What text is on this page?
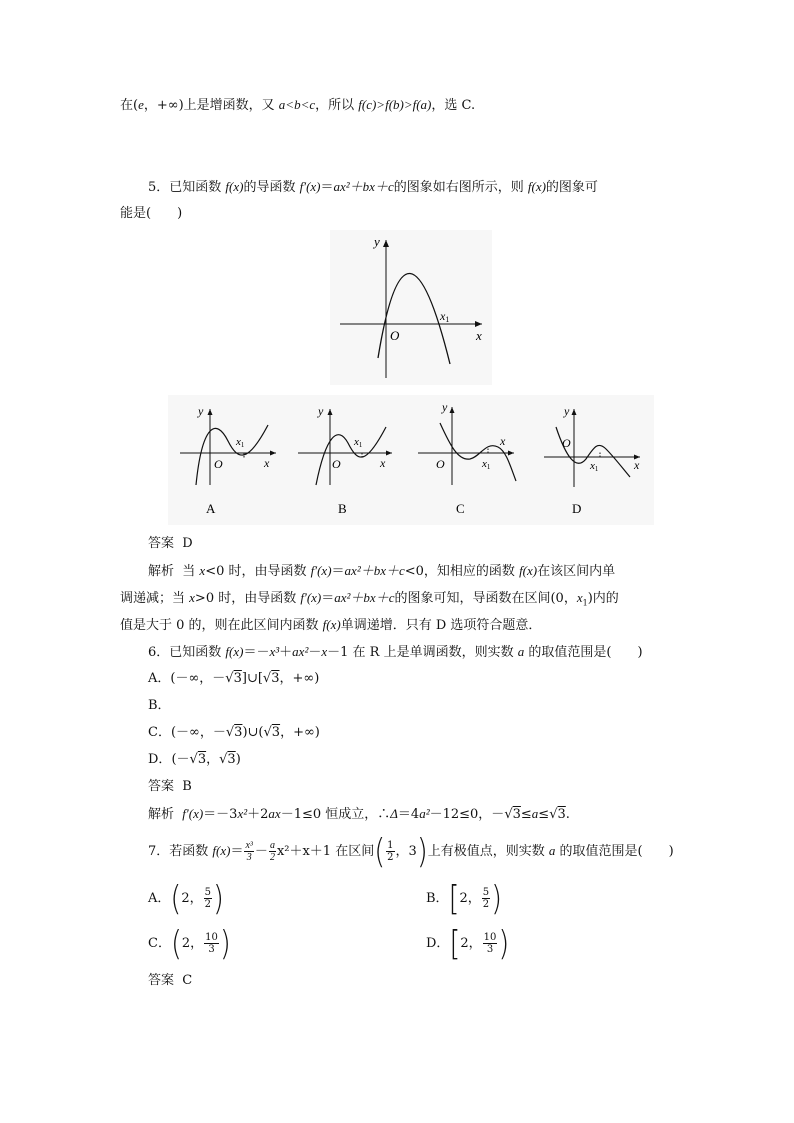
在(e，+∞)上是增函数，又 a<b<c，所以 f(c)>f(b)>f(a)，选 C.
5．已知函数 f(x)的导函数 f′(x)＝ax²＋bx＋c的图象如右图所示，则 f(x)的图象可
能是(　　)
y
x
O
x1
y
x
O
x1
A
y
x
O
x1
B
y
x
O	x1
C
y
x
O
x1
D
答案 D
解析 当 x<0 时，由导函数 f′(x)＝ax²＋bx＋c<0，知相应的函数 f(x)在该区间内单
调递减；当 x>0 时，由导函数 f′(x)＝ax²＋bx＋c的图象可知，导函数在区间(0，$x_1$)内的
值是大于 0 的，则在此区间内函数 f(x)单调递增．只有 D 选项符合题意．
6．已知函数 f(x)＝－x³＋ax²－x－1 在 R 上是单调函数，则实数 a 的取值范围是(　　)
A．(－∞，－√3]∪[√3，+∞)
B．
C．(－∞，－√3)∪(√3，+∞)
D．(－√3，√3)
答案 B
解析 f′(x)＝－3x²＋2ax－1≤0 恒成立，∴Δ＝4a²－12≤0，－√3≤a≤√3.
7．若函数 $f(x)= \frac{\text{x³}}{3} - \frac{a}{2} x^2+x+1$ 在区间( $\frac{1}{2}$ ，3)上有极值点，则实数 a 的取值范围是(　　)
A．(2， $\frac{5}{2}$ )	B．[2， $\frac{5}{2}$ )
C．(2， $\frac{10}{3}$ )	D．[2， $\frac{10}{3}$ )
答案 C
